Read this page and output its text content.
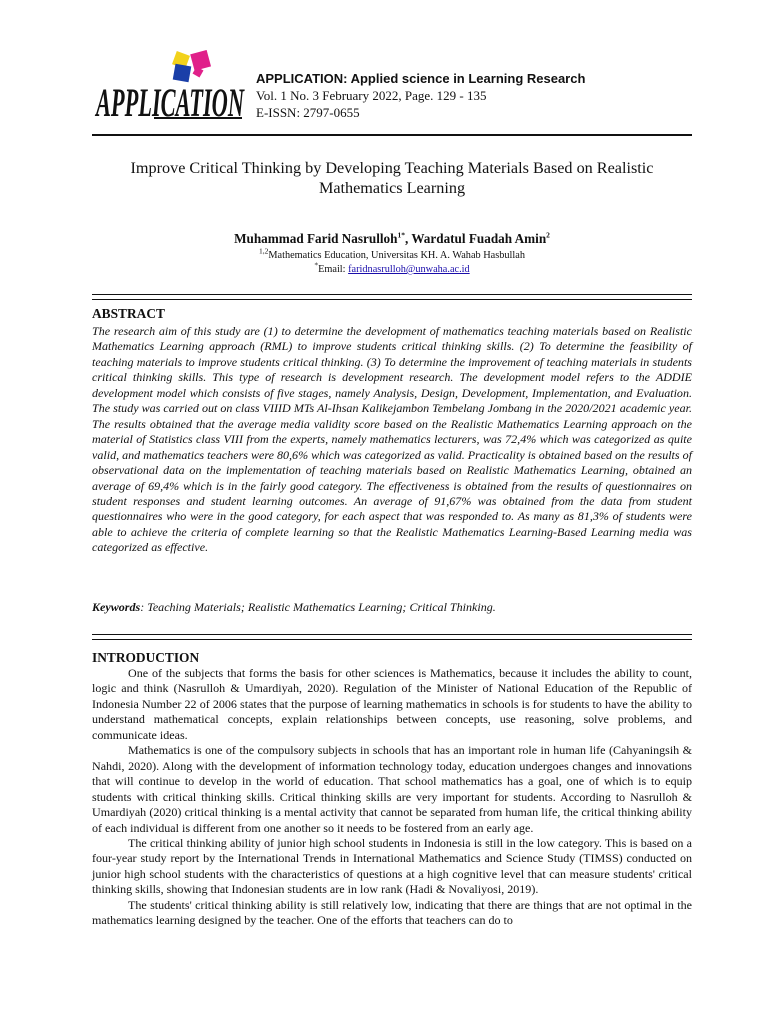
APPLICATION
APPLICATION: Applied science in Learning Research
Vol. 1 No. 3 February 2022, Page. 129 - 135
E-ISSN: 2797-0655
Improve Critical Thinking by Developing Teaching Materials Based on Realistic Mathematics Learning
Muhammad Farid Nasrulloh$^{1*}$, Wardatul Fuadah Amin$^2$
$^{1,2}$Mathematics Education, Universitas KH. A. Wahab Hasbullah
*Email: faridnasrulloh@unwaha.ac.id
ABSTRACT
The research aim of this study are (1) to determine the development of mathematics teaching materials based on Realistic Mathematics Learning approach (RML) to improve students critical thinking skills. (2) To determine the feasibility of teaching materials to improve students critical thinking. (3) To determine the improvement of teaching materials in students critical thinking skills. This type of research is development research. The development model refers to the ADDIE development model which consists of five stages, namely Analysis, Design, Development, Implementation, and Evaluation. The study was carried out on class VIIID MTs Al-Ihsan Kalikejambon Tembelang Jombang in the 2020/2021 academic year. The results obtained that the average media validity score based on the Realistic Mathematics Learning approach on the material of Statistics class VIII from the experts, namely mathematics lecturers, was 72,4% which was categorized as quite valid, and mathematics teachers were 80,6% which was categorized as valid. Practicality is obtained based on the results of observational data on the implementation of teaching materials based on Realistic Mathematics Learning, obtained an average of 69,4% which is in the fairly good category. The effectiveness is obtained from the results of questionnaires on student responses and student learning outcomes. An average of 91,67% was obtained from the data from student questionnaires who were in the good category, for each aspect that was responded to. As many as 81,3% of students were able to achieve the criteria of complete learning so that the Realistic Mathematics Learning-Based Learning media was categorized as effective.
Keywords: Teaching Materials; Realistic Mathematics Learning; Critical Thinking.
INTRODUCTION

One of the subjects that forms the basis for other sciences is Mathematics, because it includes the ability to count, logic and think (Nasrulloh & Umardiyah, 2020). Regulation of the Minister of National Education of the Republic of Indonesia Number 22 of 2006 states that the purpose of learning mathematics in schools is for students to have the ability to understand mathematical concepts, explain relationships between concepts, use reasoning, solve problems, and communicate ideas.

Mathematics is one of the compulsory subjects in schools that has an important role in human life (Cahyaningsih & Nahdi, 2020). Along with the development of information technology today, education undergoes changes and innovations that will continue to develop in the world of education. That school mathematics has a goal, one of which is to equip students with critical thinking skills. Critical thinking skills are very important for students. According to Nasrulloh & Umardiyah (2020) critical thinking is a mental activity that cannot be separated from human life, the critical thinking ability of each individual is different from one another so it needs to be fostered from an early age.

The critical thinking ability of junior high school students in Indonesia is still in the low category. This is based on a four-year study report by the International Trends in International Mathematics and Science Study (TIMSS) conducted on junior high school students with the characteristics of questions at a high cognitive level that can measure students' critical thinking skills, showing that Indonesian students are in low rank (Hadi & Novaliyosi, 2019).

The students' critical thinking ability is still relatively low, indicating that there are things that are not optimal in the mathematics learning designed by the teacher. One of the efforts that teachers can do to
